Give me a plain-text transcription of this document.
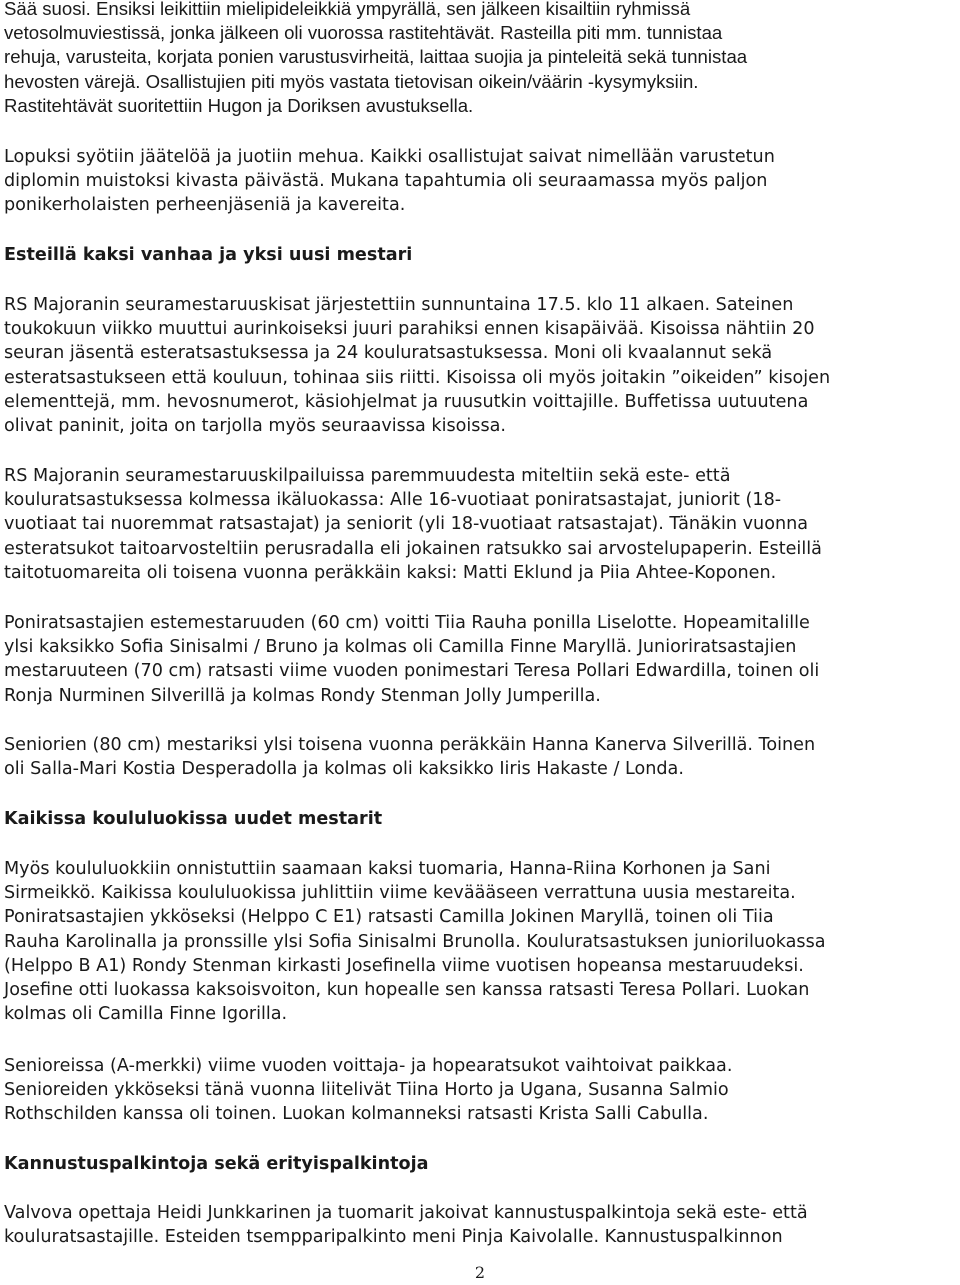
Sää suosi. Ensiksi leikittiin mielipideleikkiä ympyrällä, sen jälkeen kisailtiin ryhmissä
vetosolmuviestissä, jonka jälkeen oli vuorossa rastitehtävät. Rasteilla piti mm. tunnistaa
rehuja, varusteita, korjata ponien varustusvirheitä, laittaa suojia ja pinteleitä sekä tunnistaa
hevosten värejä. Osallistujien piti myös vastata tietovisan oikein/väärin -kysymyksiin.
Rastitehtävät suoritettiin Hugon ja Doriksen avustuksella.
Lopuksi syötiin jäätelöä ja juotiin mehua. Kaikki osallistujat saivat nimellään varustetun
diplomin muistoksi kivasta päivästä. Mukana tapahtumia oli seuraamassa myös paljon
ponikerholaisten perheenjäseniä ja kavereita.
Esteillä kaksi vanhaa ja yksi uusi mestari
RS Majoranin seuramestaruuskisat järjestettiin sunnuntaina 17.5. klo 11 alkaen. Sateinen
toukokuun viikko muuttui aurinkoiseksi juuri parahiksi ennen kisapäivää. Kisoissa nähtiin 20
seuran jäsentä esteratsastuksessa ja 24 kouluratsastuksessa. Moni oli kvaalannut sekä
esteratsastukseen että kouluun, tohinaa siis riitti. Kisoissa oli myös joitakin ”oikeiden” kisojen
elementtejä, mm. hevosnumerot, käsiohjelmat ja ruusutkin voittajille. Buffetissa uutuutena
olivat paninit, joita on tarjolla myös seuraavissa kisoissa.
RS Majoranin seuramestaruuskilpailuissa paremmuudesta miteltiin sekä este- että
kouluratsastuksessa kolmessa ikäluokassa: Alle 16-vuotiaat poniratsastajat, juniorit (18-
vuotiaat tai nuoremmat ratsastajat) ja seniorit (yli 18-vuotiaat ratsastajat). Tänäkin vuonna
esteratsukot taitoarvosteltiin perusradalla eli jokainen ratsukko sai arvostelupaperin. Esteillä
taitotuomareita oli toisena vuonna peräkkäin kaksi: Matti Eklund ja Piia Ahtee-Koponen.
Poniratsastajien estemestaruuden (60 cm) voitti Tiia Rauha ponilla Liselotte. Hopeamitalille
ylsi kaksikko Sofia Sinisalmi / Bruno ja kolmas oli Camilla Finne Maryllä. Junioriratsastajien
mestaruuteen (70 cm) ratsasti viime vuoden ponimestari Teresa Pollari Edwardilla, toinen oli
Ronja Nurminen Silverillä ja kolmas Rondy Stenman Jolly Jumperilla.
Seniorien (80 cm) mestariksi ylsi toisena vuonna peräkkäin Hanna Kanerva Silverillä. Toinen
oli Salla-Mari Kostia Desperadolla ja kolmas oli kaksikko Iiris Hakaste / Londa.
Kaikissa koululuokissa uudet mestarit
Myös koululuokkiin onnistuttiin saamaan kaksi tuomaria, Hanna-Riina Korhonen ja Sani
Sirmeikkö. Kaikissa koululuokissa juhlittiin viime keväääseen verrattuna uusia mestareita.
Poniratsastajien ykköseksi (Helppo C E1) ratsasti Camilla Jokinen Maryllä, toinen oli Tiia
Rauha Karolinalla ja pronssille ylsi Sofia Sinisalmi Brunolla. Kouluratsastuksen junioriluokassa
(Helppo B A1) Rondy Stenman kirkasti Josefinella viime vuotisen hopeansa mestaruudeksi.
Josefine otti luokassa kaksoisvoiton, kun hopealle sen kanssa ratsasti Teresa Pollari. Luokan
kolmas oli Camilla Finne Igorilla.
Senioreissa (A-merkki) viime vuoden voittaja- ja hopearatsukot vaihtoivat paikkaa.
Senioreiden ykköseksi tänä vuonna liitelivät Tiina Horto ja Ugana, Susanna Salmio
Rothschilden kanssa oli toinen. Luokan kolmanneksi ratsasti Krista Salli Cabulla.
Kannustuspalkintoja sekä erityispalkintoja
Valvova opettaja Heidi Junkkarinen ja tuomarit jakoivat kannustuspalkintoja sekä este- että
kouluratsastajille. Esteiden tsempparipalkinto meni Pinja Kaivolalle. Kannustuspalkinnon
2
